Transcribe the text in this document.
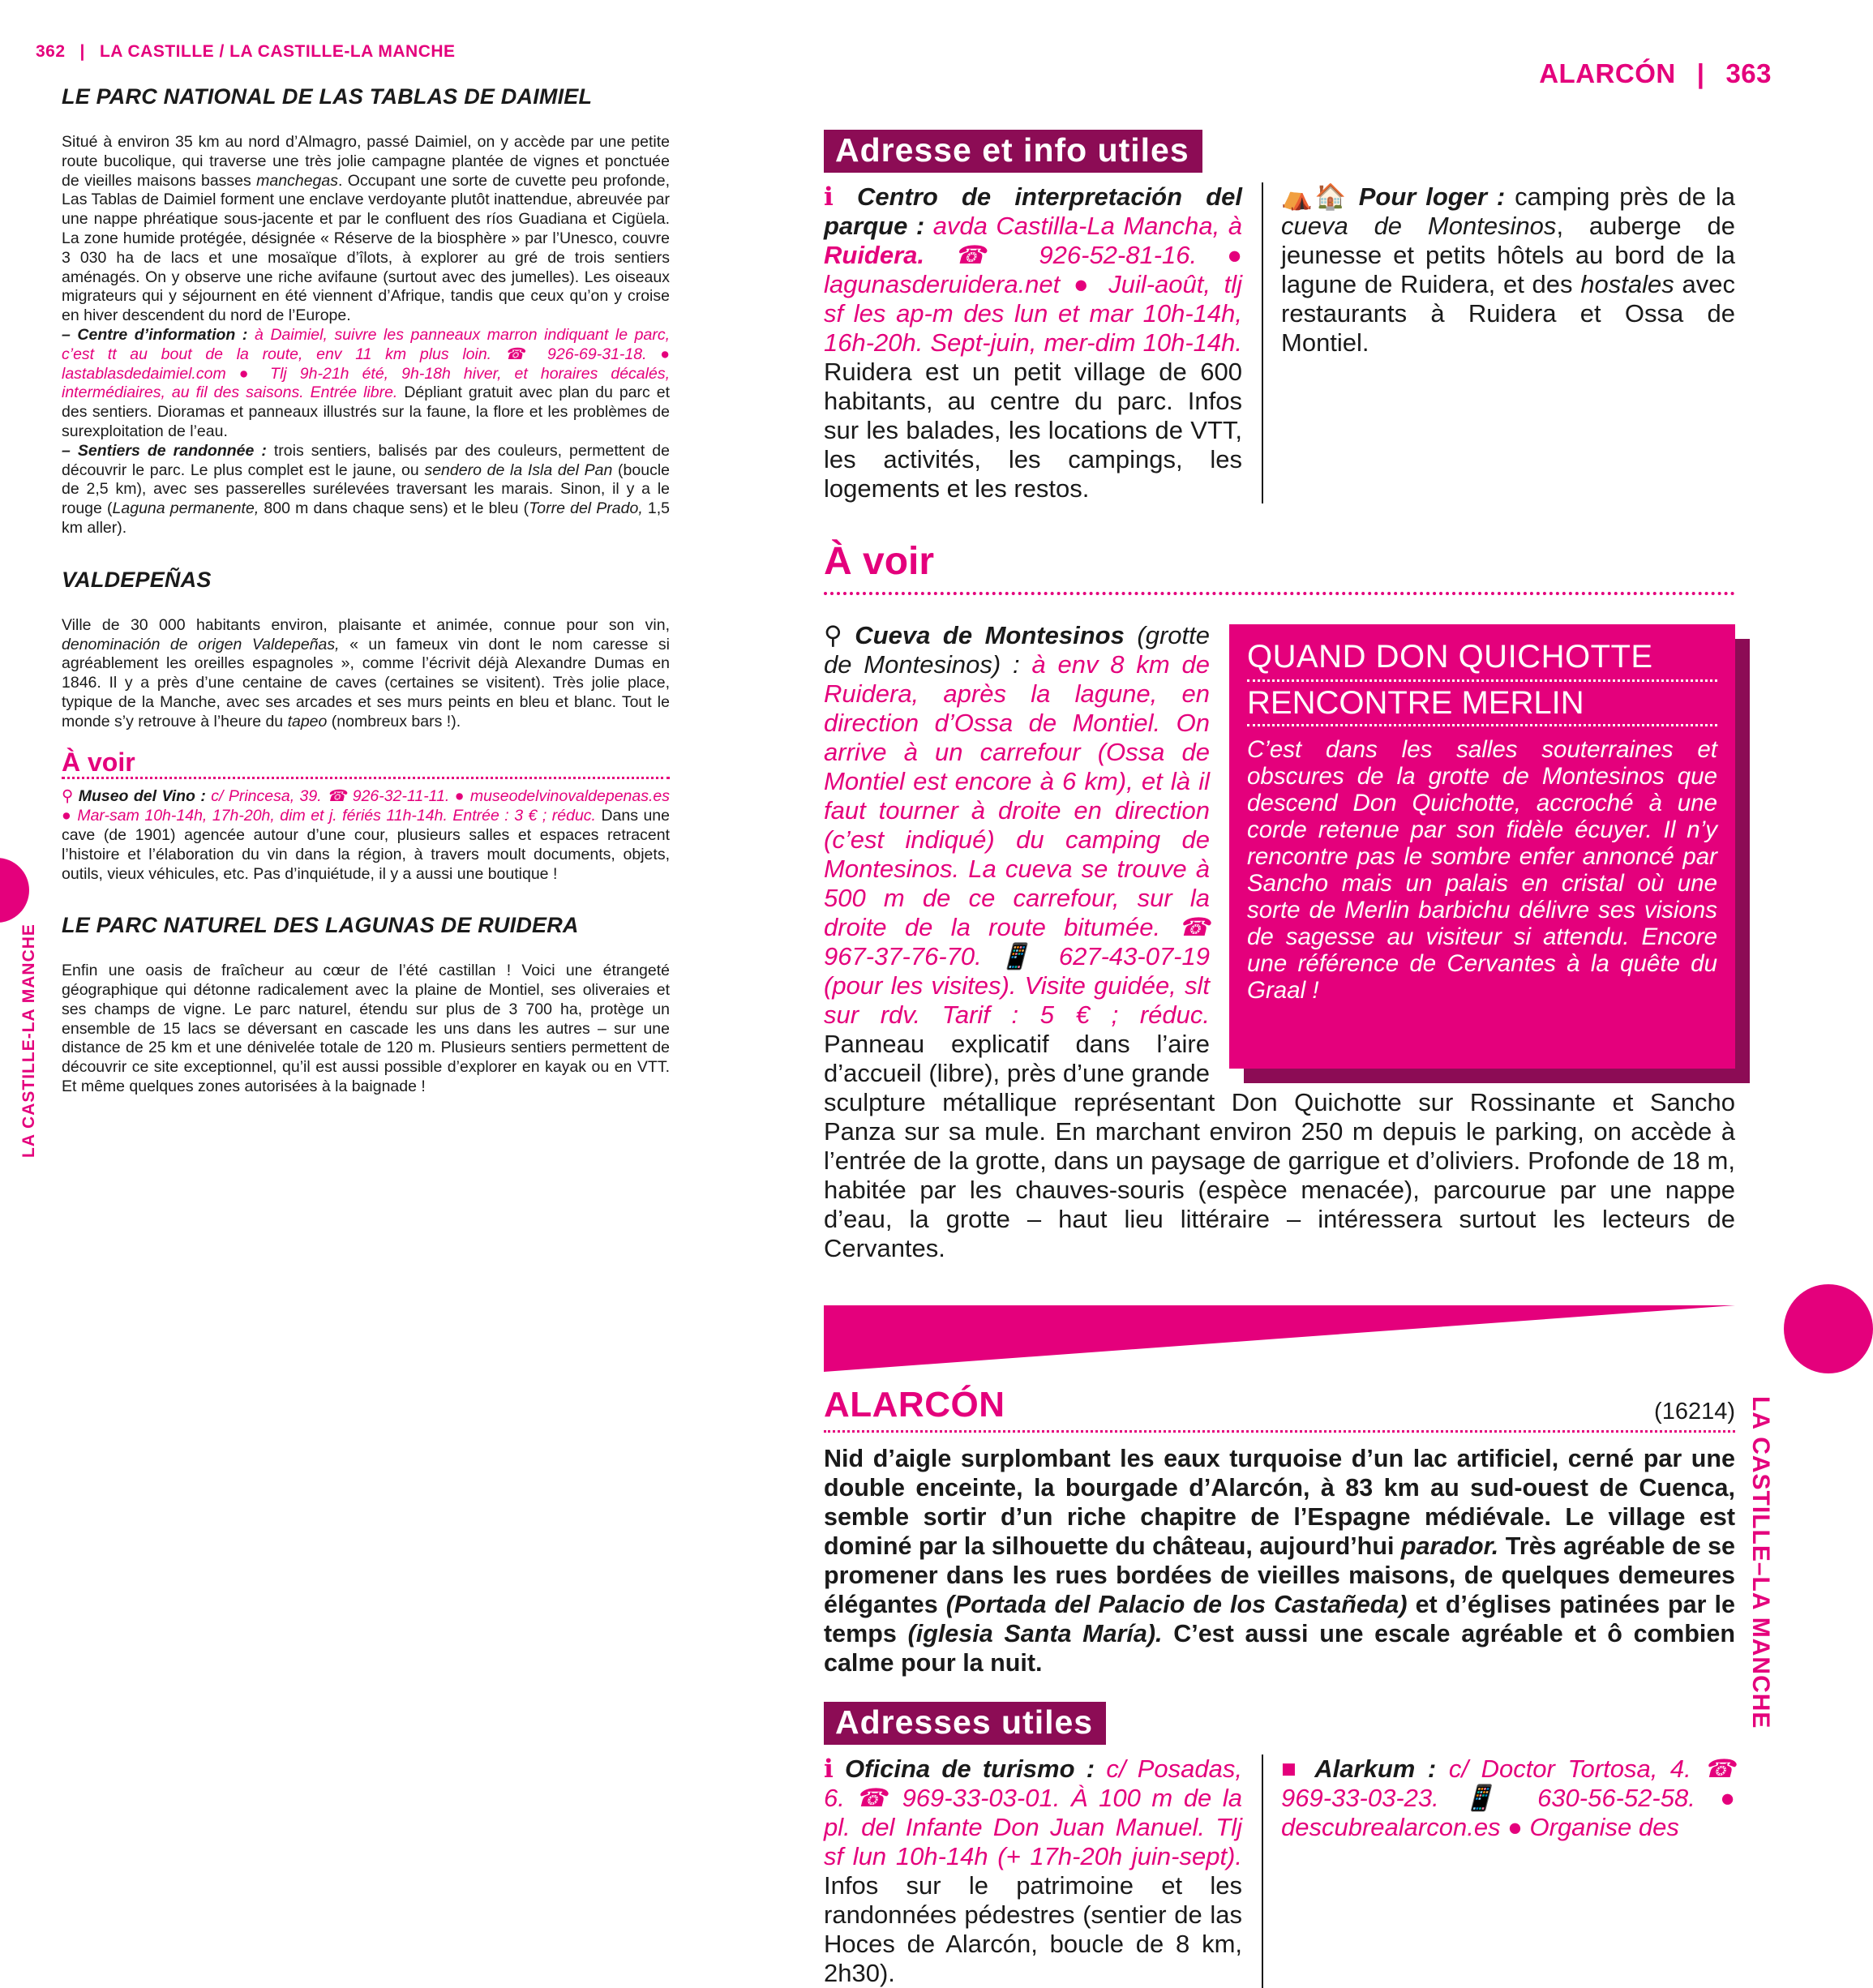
362 | LA CASTILLE / LA CASTILLE-LA MANCHE
ALARCÓN | 363
LA CASTILLE-LA MANCHE
LA CASTILLE–LA MANCHE
LE PARC NATIONAL DE LAS TABLAS DE DAIMIEL

Situé à environ 35 km au nord d’Almagro, passé Daimiel, on y accède par une petite route bucolique, qui traverse une très jolie campagne plantée de vignes et ponctuée de vieilles maisons basses manchegas. Occupant une sorte de cuvette peu profonde, Las Tablas de Daimiel forment une enclave verdoyante plutôt inattendue, abreuvée par une nappe phréatique sous-jacente et par le confluent des ríos Guadiana et Cigüela. La zone humide protégée, désignée « Réserve de la biosphère » par l’Unesco, couvre 3 030 ha de lacs et une mosaïque d’îlots, à explorer au gré de trois sentiers aménagés. On y observe une riche avifaune (surtout avec des jumelles). Les oiseaux migrateurs qui y séjournent en été viennent d’Afrique, tandis que ceux qu’on y croise en hiver descendent du nord de l’Europe.
– Centre d’information : à Daimiel, suivre les panneaux marron indiquant le parc, c’est tt au bout de la route, env 11 km plus loin. ☎ 926-69-31-18. ● lastablasdedaimiel.com ● Tlj 9h-21h été, 9h-18h hiver, et horaires décalés, intermédiaires, au fil des saisons. Entrée libre. Dépliant gratuit avec plan du parc et des sentiers. Dioramas et panneaux illustrés sur la faune, la flore et les problèmes de surexploitation de l’eau.
– Sentiers de randonnée : trois sentiers, balisés par des couleurs, permettent de découvrir le parc. Le plus complet est le jaune, ou sendero de la Isla del Pan (boucle de 2,5 km), avec ses passerelles surélevées traversant les marais. Sinon, il y a le rouge (Laguna permanente, 800 m dans chaque sens) et le bleu (Torre del Prado, 1,5 km aller).

VALDEPEÑAS

Ville de 30 000 habitants environ, plaisante et animée, connue pour son vin, denominación de origen Valdepeñas, « un fameux vin dont le nom caresse si agréablement les oreilles espagnoles », comme l’écrivit déjà Alexandre Dumas en 1846. Il y a près d’une centaine de caves (certaines se visitent). Très jolie place, typique de la Manche, avec ses arcades et ses murs peints en bleu et blanc. Tout le monde s’y retrouve à l’heure du tapeo (nombreux bars !).

À voir

⚲ Museo del Vino : c/ Princesa, 39. ☎ 926-32-11-11. ● museodelvinovaldepenas.es ● Mar-sam 10h-14h, 17h-20h, dim et j. fériés 11h-14h. Entrée : 3 € ; réduc. Dans une cave (de 1901) agencée autour d’une cour, plusieurs salles et espaces retracent l’histoire et l’élaboration du vin dans la région, à travers moult documents, objets, outils, vieux véhicules, etc. Pas d’inquiétude, il y a aussi une boutique !

LE PARC NATUREL DES LAGUNAS DE RUIDERA

Enfin une oasis de fraîcheur au cœur de l’été castillan ! Voici une étrangeté géographique qui détonne radicalement avec la plaine de Montiel, ses oliveraies et ses champs de vigne. Le parc naturel, étendu sur plus de 3 700 ha, protège un ensemble de 15 lacs se déversant en cascade les uns dans les autres – sur une distance de 25 km et une dénivelée totale de 120 m. Plusieurs sentiers permettent de découvrir ce site exceptionnel, qu’il est aussi possible d’explorer en kayak ou en VTT. Et même quelques zones autorisées à la baignade !

Adresse et info utiles
ℹ Centro de interpretación del parque : avda Castilla-La Mancha, à Ruidera. ☎ 926-52-81-16. ● lagunasderuidera.net ● Juil-août, tlj sf les ap-m des lun et mar 10h-14h, 16h-20h. Sept-juin, mer-dim 10h-14h. Ruidera est un petit village de 600 habitants, au centre du parc. Infos sur les balades, les locations de VTT, les activités, les campings, les logements et les restos.
⛺🏠 Pour loger : camping près de la cueva de Montesinos, auberge de jeunesse et petits hôtels au bord de la lagune de Ruidera, et des hostales avec restaurants à Ruidera et Ossa de Montiel.
À voir
QUAND DON QUICHOTTE
RENCONTRE MERLIN
C’est dans les salles souterraines et obscures de la grotte de Montesinos que descend Don Quichotte, accroché à une corde retenue par son fidèle écuyer. Il n’y rencontre pas le sombre enfer annoncé par Sancho mais un palais en cristal où une sorte de Merlin barbichu délivre ses visions de sagesse au visiteur si attendu. Encore une référence de Cervantes à la quête du Graal !
⚲ Cueva de Montesinos (grotte de Montesinos) : à env 8 km de Ruidera, après la lagune, en direction d’Ossa de Montiel. On arrive à un carrefour (Ossa de Montiel est encore à 6 km), et là il faut tourner à droite en direction (c’est indiqué) du camping de Montesinos. La cueva se trouve à 500 m de ce carrefour, sur la droite de la route bitumée. ☎ 967-37-76-70. 📱 627-43-07-19 (pour les visites). Visite guidée, slt sur rdv. Tarif : 5 € ; réduc. Panneau explicatif dans l’aire d’accueil (libre), près d’une grande sculpture métallique représentant Don Quichotte sur Rossinante et Sancho Panza sur sa mule. En marchant environ 250 m depuis le parking, on accède à l’entrée de la grotte, dans un paysage de garrigue et d’oliviers. Profonde de 18 m, habitée par les chauves-souris (espèce menacée), parcourue par une nappe d’eau, la grotte – haut lieu littéraire – intéressera surtout les lecteurs de Cervantes.
ALARCÓN	(16214)
Nid d’aigle surplombant les eaux turquoise d’un lac artificiel, cerné par une double enceinte, la bourgade d’Alarcón, à 83 km au sud-ouest de Cuenca, semble sortir d’un riche chapitre de l’Espagne médiévale. Le village est dominé par la silhouette du château, aujourd’hui parador. Très agréable de se promener dans les rues bordées de vieilles maisons, de quelques demeures élégantes (Portada del Palacio de los Castañeda) et d’églises patinées par le temps (iglesia Santa María). C’est aussi une escale agréable et ô combien calme pour la nuit.
Adresses utiles
ℹ Oficina de turismo : c/ Posadas, 6. ☎ 969-33-03-01. À 100 m de la pl. del Infante Don Juan Manuel. Tlj sf lun 10h-14h (+ 17h-20h juin-sept). Infos sur le patrimoine et les randonnées pédestres (sentier de las Hoces de Alarcón, boucle de 8 km, 2h30).
■ Alarkum : c/ Doctor Tortosa, 4. ☎ 969-33-03-23. 📱 630-56-52-58. ● descubrealarcon.es ● Organise des
